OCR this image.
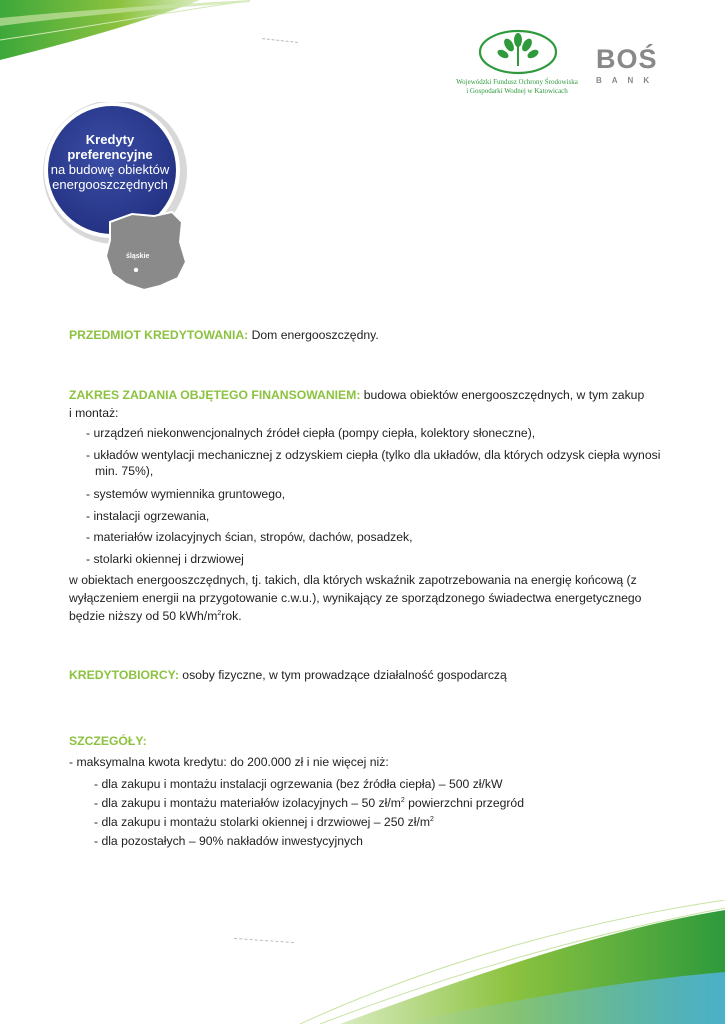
Wojewódzki Fundusz Ochrony Środowiska
i Gospodarki Wodnej w Katowicach
BOŚ
BANK
Kredyty
preferencyjne
na budowę obiektów
energooszczędnych
śląskie
PRZEDMIOT KREDYTOWANIA: Dom energooszczędny.
ZAKRES ZADANIA OBJĘTEGO FINANSOWANIEM: budowa obiektów energooszczędnych, w tym zakup
i montaż:
- urządzeń niekonwencjonalnych źródeł ciepła (pompy ciepła, kolektory słoneczne),
- układów wentylacji mechanicznej z odzyskiem ciepła (tylko dla układów, dla których odzysk ciepła wynosi
min. 75%),
- systemów wymiennika gruntowego,
- instalacji ogrzewania,
- materiałów izolacyjnych ścian, stropów, dachów, posadzek,
- stolarki okiennej i drzwiowej
w obiektach energooszczędnych, tj. takich, dla których wskaźnik zapotrzebowania na energię końcową (z
wyłączeniem energii na przygotowanie c.w.u.), wynikający ze sporządzonego świadectwa energetycznego
będzie niższy od 50 kWh/$m^2rok$.
KREDYTOBIORCY: osoby fizyczne, w tym prowadzące działalność gospodarczą
SZCZEGÓŁY:
- maksymalna kwota kredytu: do 200.000 zł i nie więcej niż:
- dla zakupu i montażu instalacji ogrzewania (bez źródła ciepła) – 500 zł/kW
- dla zakupu i montażu materiałów izolacyjnych – 50 $zł/m^2$ powierzchni przegród
- dla zakupu i montażu stolarki okiennej i drzwiowej – 250 $zł/m^2$
- dla pozostałych – 90% nakładów inwestycyjnych
